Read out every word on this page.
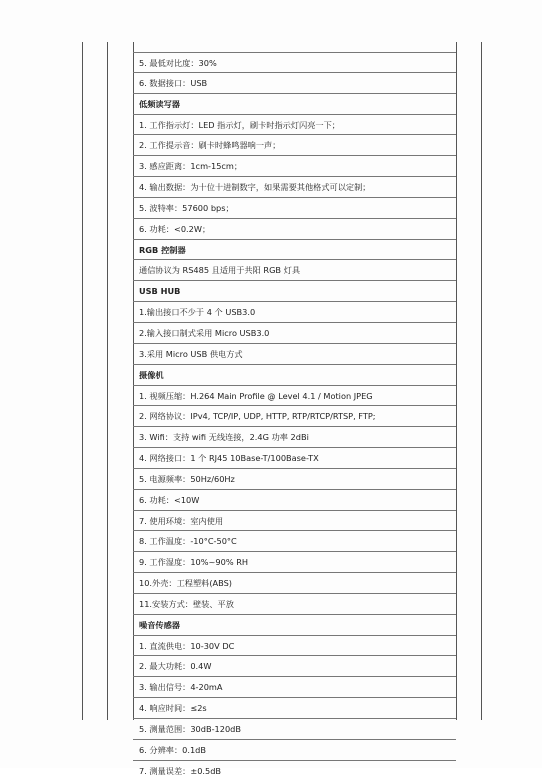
5. 最低对比度：30%
6. 数据接口：USB
低频读写器
1. 工作指示灯：LED 指示灯，刷卡时指示灯闪亮一下；
2. 工作提示音：刷卡时蜂鸣器响一声；
3. 感应距离：1cm-15cm；
4. 输出数据：为十位十进制数字，如果需要其他格式可以定制；
5. 波特率：57600 bps；
6. 功耗：<0.2W；
RGB 控制器
通信协议为 RS485 且适用于共阳 RGB 灯具
USB HUB
1.输出接口不少于 4 个 USB3.0
2.输入接口制式采用 Micro USB3.0
3.采用 Micro USB 供电方式
摄像机
1. 视频压缩：H.264 Main Profile @ Level 4.1 / Motion JPEG
2. 网络协议：IPv4, TCP/IP, UDP, HTTP, RTP/RTCP/RTSP, FTP;
3. Wifi：支持 wifi 无线连接，2.4G 功率 2dBi
4. 网络接口：1 个 RJ45 10Base-T/100Base-TX
5. 电源频率：50Hz/60Hz
6. 功耗：<10W
7. 使用环境：室内使用
8. 工作温度：-10°C-50°C
9. 工作湿度：10%~90% RH
10.外壳：工程塑料(ABS)
11.安装方式：壁装、平放
噪音传感器
1. 直流供电：10-30V DC
2. 最大功耗：0.4W
3. 输出信号：4-20mA
4. 响应时间：≤2s
5. 测量范围：30dB-120dB
6. 分辨率：0.1dB
7. 测量误差：±0.5dB
